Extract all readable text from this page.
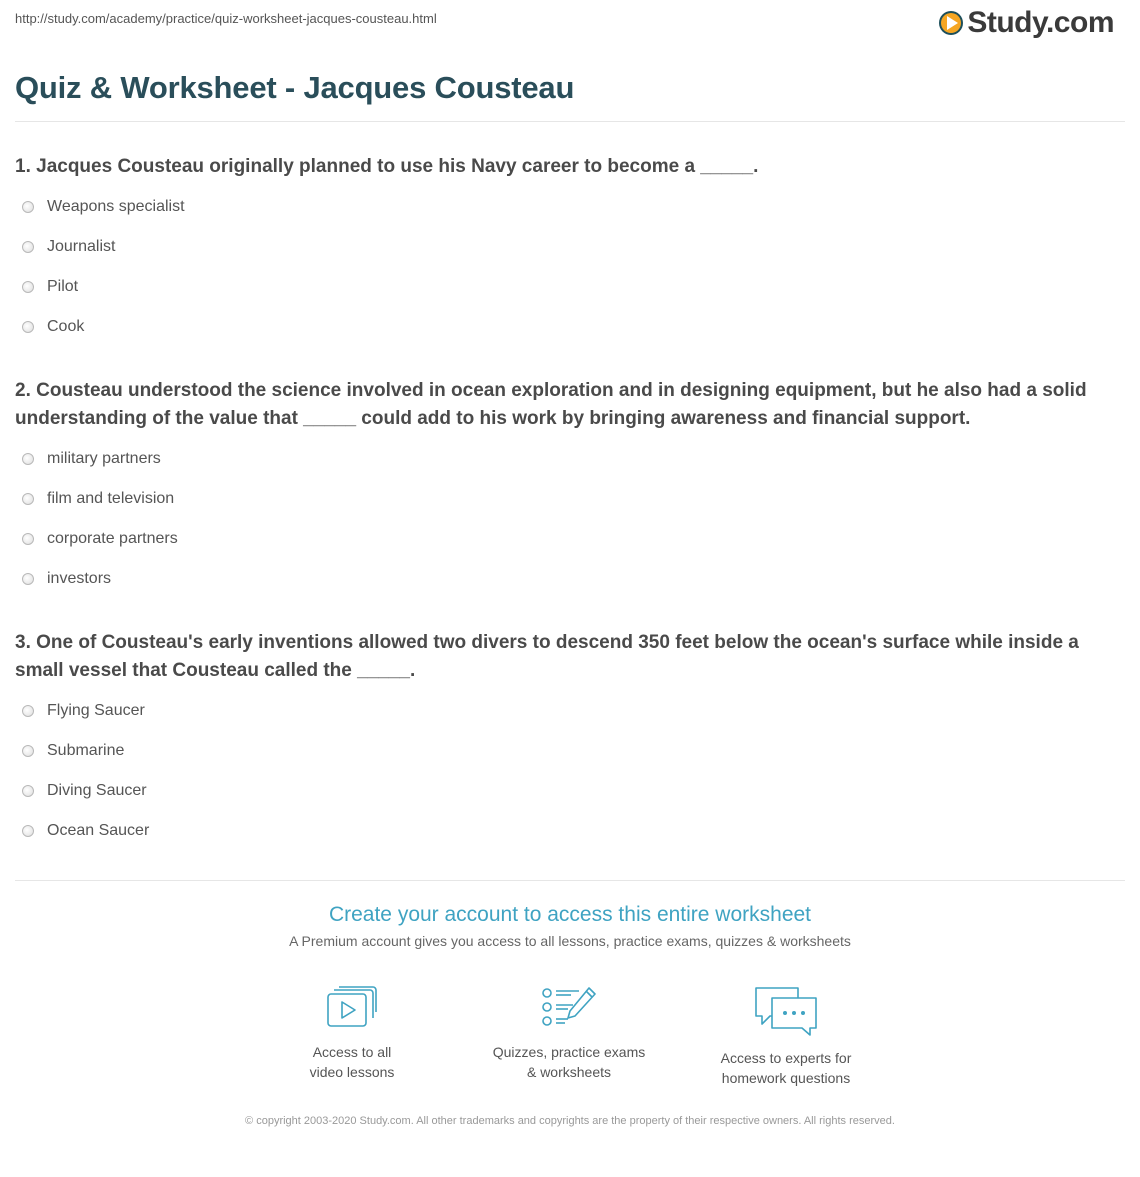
http://study.com/academy/practice/quiz-worksheet-jacques-cousteau.html	Study.com
Quiz & Worksheet - Jacques Cousteau
1. Jacques Cousteau originally planned to use his Navy career to become a _____.
Weapons specialist
Journalist
Pilot
Cook
2. Cousteau understood the science involved in ocean exploration and in designing equipment, but he also had a solid understanding of the value that _____ could add to his work by bringing awareness and financial support.
military partners
film and television
corporate partners
investors
3. One of Cousteau's early inventions allowed two divers to descend 350 feet below the ocean's surface while inside a small vessel that Cousteau called the _____.
Flying Saucer
Submarine
Diving Saucer
Ocean Saucer
Create your account to access this entire worksheet
A Premium account gives you access to all lessons, practice exams, quizzes & worksheets
Access to all
video lessons
Quizzes, practice exams
& worksheets
Access to experts for
homework questions
© copyright 2003-2020 Study.com. All other trademarks and copyrights are the property of their respective owners. All rights reserved.
